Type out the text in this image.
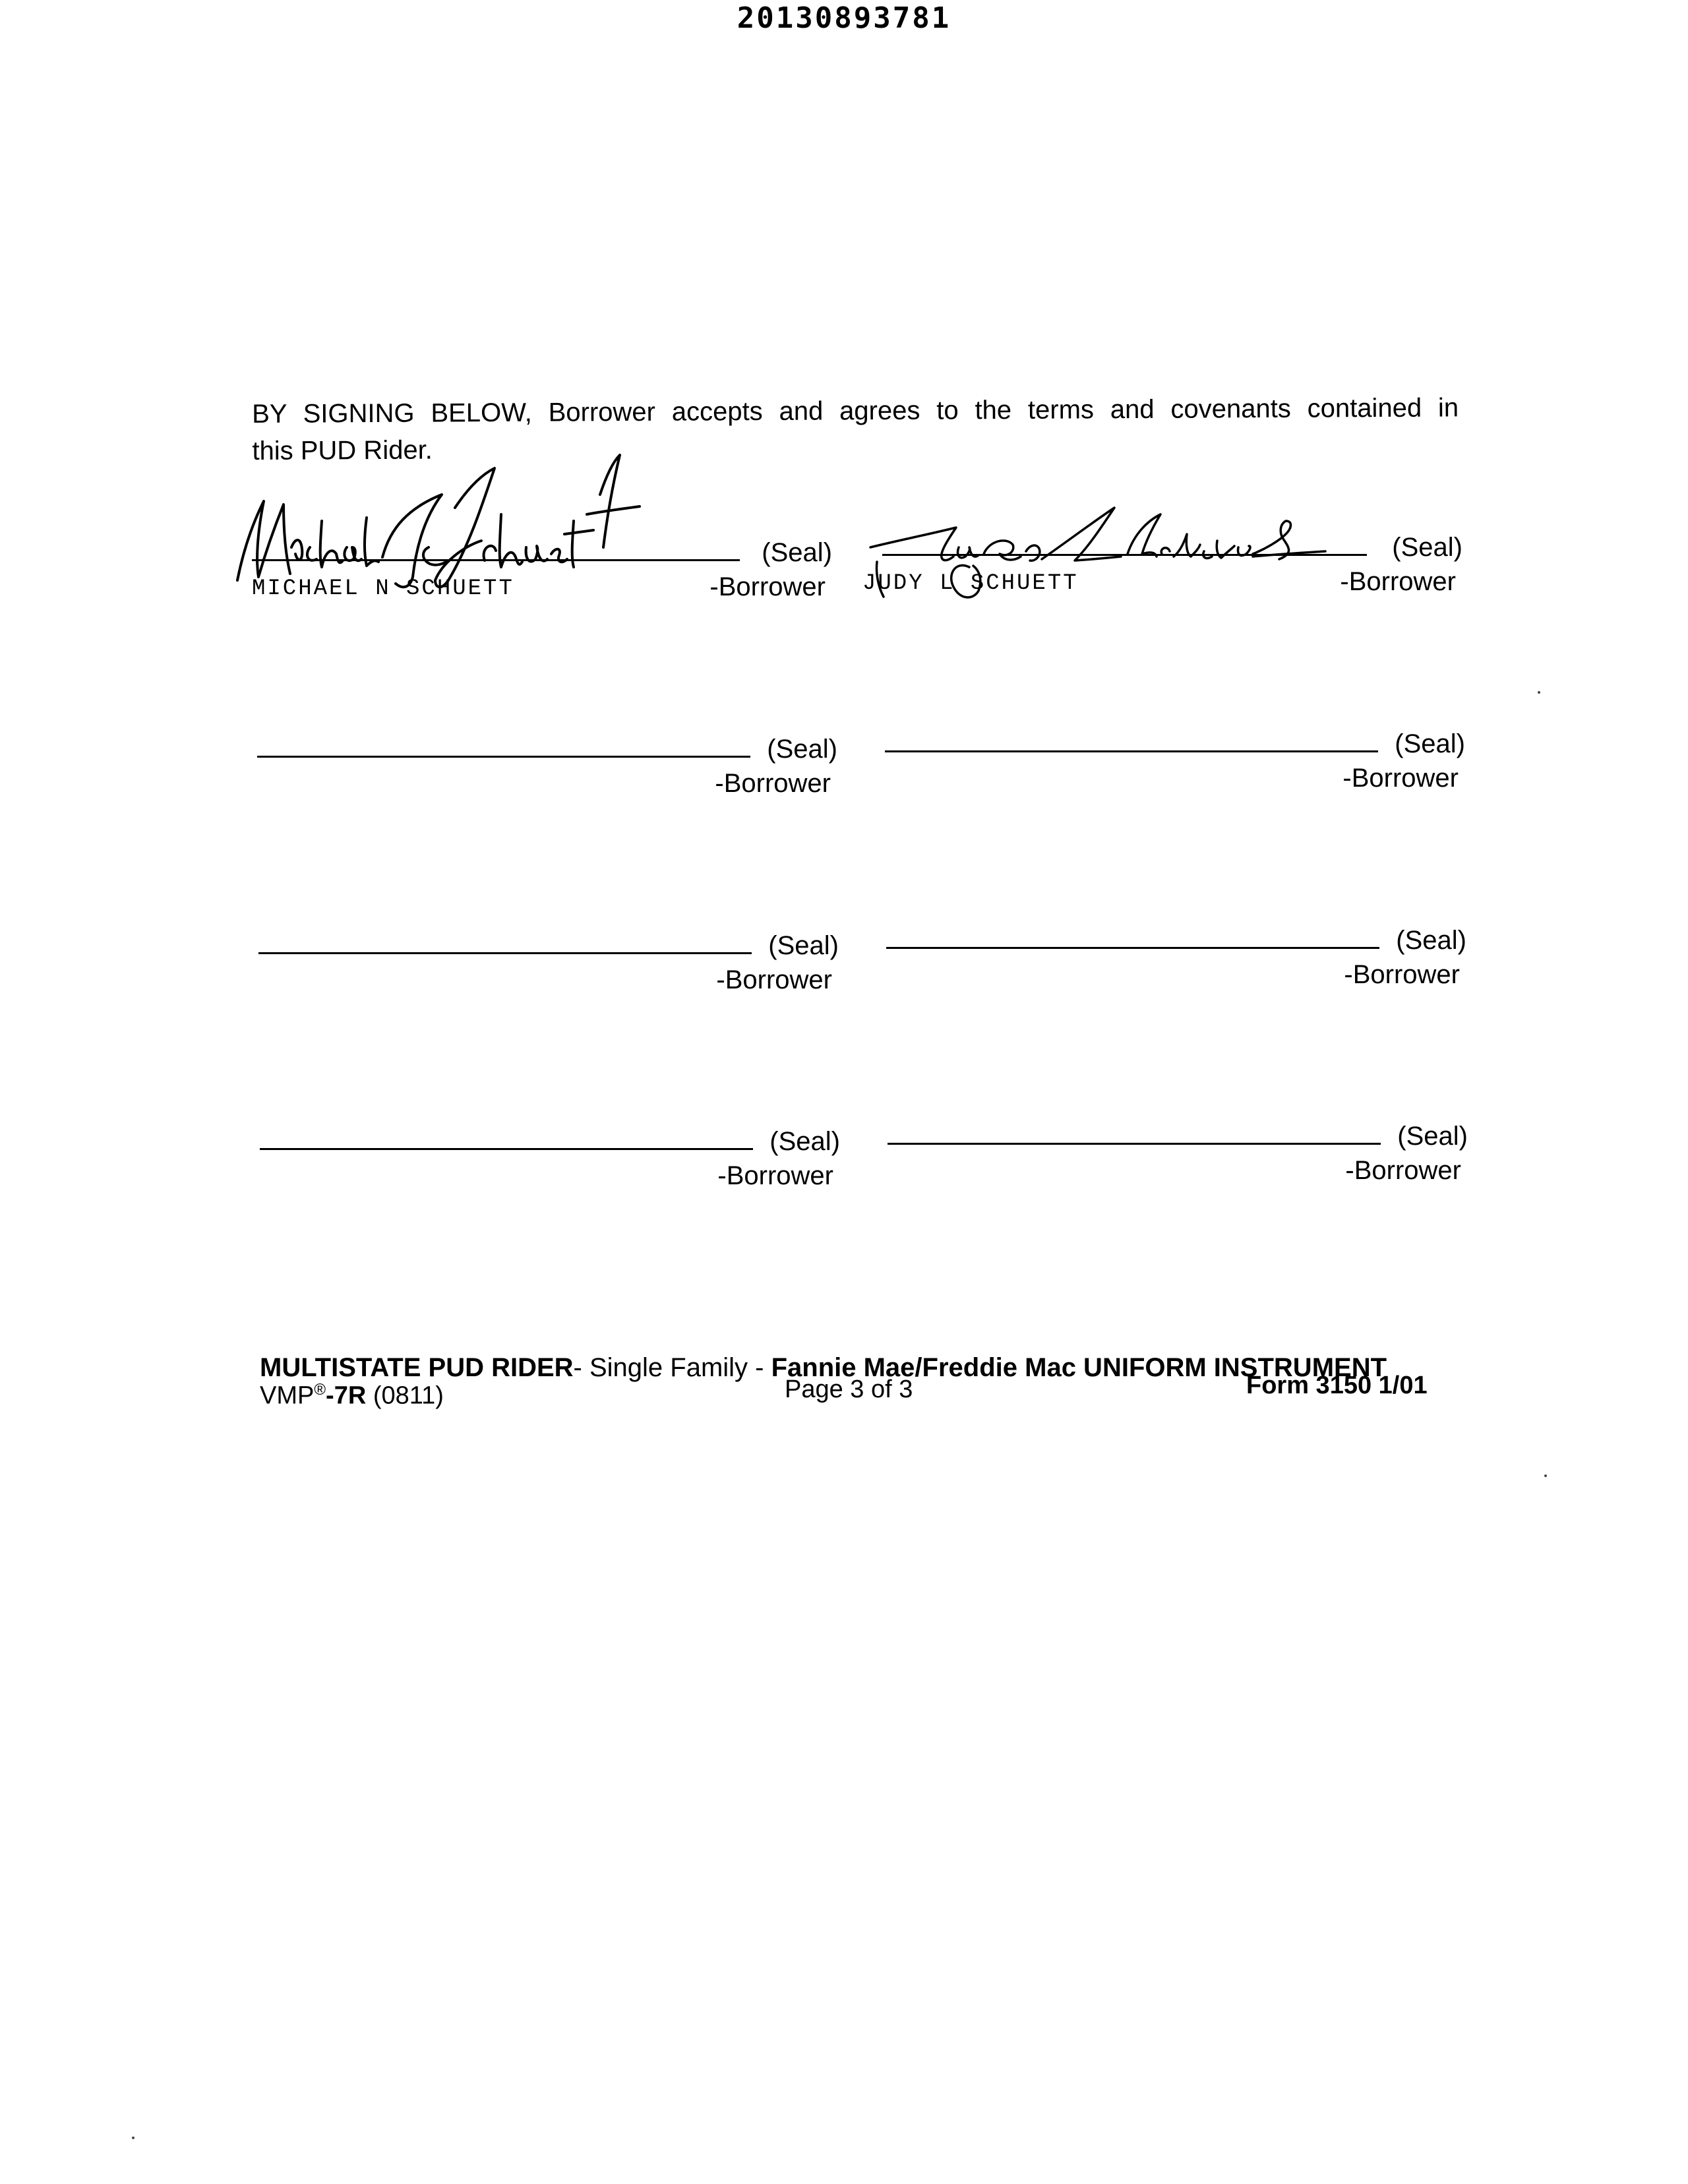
20130893781
BY SIGNING BELOW, Borrower accepts and agrees to the terms and covenants contained in
this PUD Rider.
(Seal)
-Borrower
MICHAEL N SCHUETT
(Seal)
-Borrower
JUDY L SCHUETT
(Seal)
-Borrower
(Seal)
-Borrower
(Seal)
-Borrower
(Seal)
-Borrower
(Seal)
-Borrower
(Seal)
-Borrower
MULTISTATE PUD RIDER- Single Family - Fannie Mae/Freddie Mac UNIFORM INSTRUMENT
VMP®-7R (0811)	Page 3 of 3	Form 3150 1/01
